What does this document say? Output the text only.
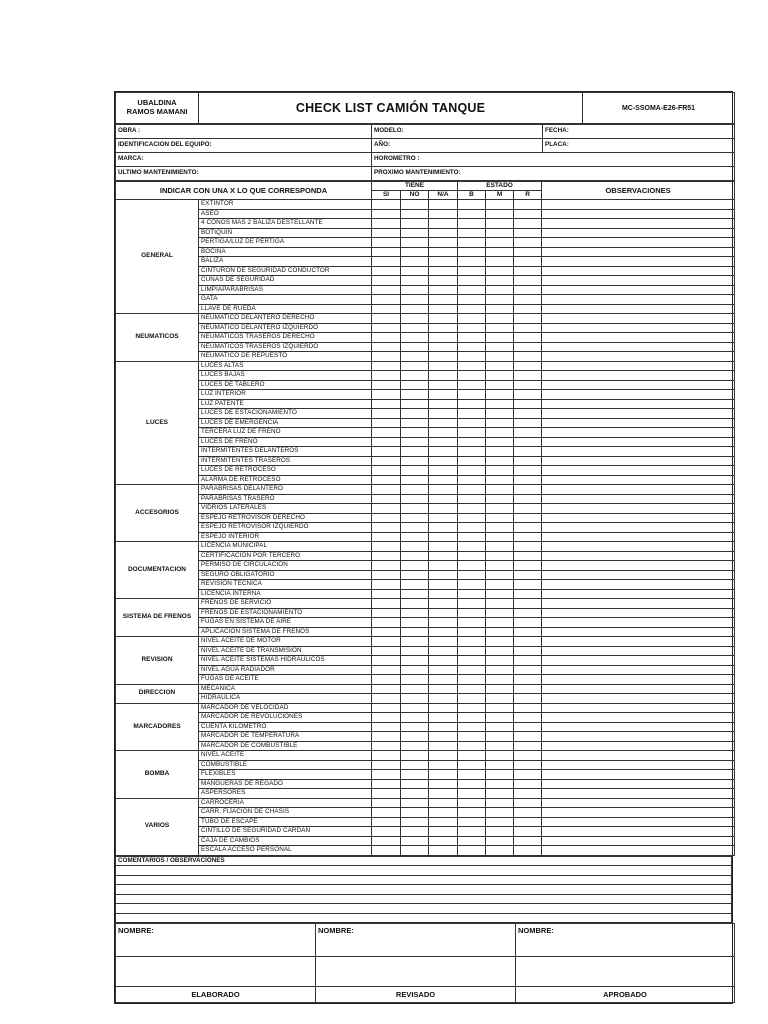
UBALDINA
RAMOS MAMANI	CHECK LIST CAMIÓN TANQUE	MC-SSOMA-E26-FR51
OBRA :	MODELO:	FECHA:
IDENTIFICACION DEL EQUIPO:	AÑO:	PLACA:
MARCA:	HOROMETRO :	
ULTIMO MANTENIMIENTO:	PROXIMO MANTENIMIENTO:	
INDICAR CON UNA X LO QUE CORRESPONDA		TIENE			ESTADO			OBSERVACIONES
		SI	NO	N/A	B	M	R	
GENERAL	EXTINTOR							
	ASEO							
	4 CONOS MAS 2 BALIZA DESTELLANTE							
	BOTIQUIN							
	PERTIGA/LUZ DE PERTIGA							
	BOCINA							
	BALIZA							
	CINTURON DE SEGURIDAD CONDUCTOR							
	CUÑAS DE SEGURIDAD							
	LIMPIAPARABRISAS							
	GATA							
	LLAVE DE RUEDA							
NEUMATICOS	NEUMATICO DELANTERO DERECHO							
	NEUMATICO DELANTERO IZQUIERDO							
	NEUMATICOS TRASEROS DERECHO							
	NEUMATICOS TRASEROS IZQUIERDO							
	NEUMATICO DE REPUESTO							
LUCES	LUCES ALTAS							
	LUCES BAJAS							
	LUCES DE TABLERO							
	LUZ INTERIOR							
	LUZ PATENTE							
	LUCES DE ESTACIONAMIENTO							
	LUCES DE EMERGENCIA							
	TERCERA LUZ DE FRENO							
	LUCES DE FRENO							
	INTERMITENTES DELANTEROS							
	INTERMITENTES TRASEROS							
	LUCES DE RETROCESO							
	ALARMA DE RETROCESO							
ACCESORIOS	PARABRISAS DELANTERO							
	PARABRISAS TRASERO							
	VIDRIOS LATERALES							
	ESPEJO RETROVISOR DERECHO							
	ESPEJO RETROVISOR IZQUIERDO							
	ESPEJO INTERIOR							
DOCUMENTACION	LICENCIA MUNICIPAL							
	CERTIFICACION POR TERCERO							
	PERMISO DE CIRCULACION							
	SEGURO OBLIGATORIO							
	REVISION TECNICA							
	LICENCIA INTERNA							
SISTEMA DE FRENOS	FRENOS DE SERVICIO							
	FRENOS DE ESTACIONAMIENTO							
	FUGAS EN SISTEMA DE AIRE							
	APLICACIÓN SISTEMA DE FRENOS							
REVISION	NIVEL ACEITE DE MOTOR							
	NIVEL ACEITE DE TRANSMISION							
	NIVEL ACEITE SISTEMAS HIDRAULICOS							
	NIVEL AGUA RADIADOR							
	FUGAS DE ACEITE							
DIRECCION	MECANICA							
	HIDRAULICA							
MARCADORES	MARCADOR DE VELOCIDAD							
	MARCADOR DE REVOLUCIONES							
	CUENTA KILOMETRO							
	MARCADOR DE TEMPERATURA							
	MARCADOR DE COMBUSTIBLE							
BOMBA	NIVEL ACEITE							
	COMBUSTIBLE							
	FLEXIBLES							
	MANGUERAS DE REGADO							
	ASPERSORES							
VARIOS	CARROCERIA							
	CARR. FIJACION DE CHASIS							
	TUBO DE ESCAPE							
	CINTILLO DE SEGURIDAD CARDAN							
	CAJA DE CAMBIOS							
	ESCALA ACCESO PERSONAL							
COMENTARIOS / OBSERVACIONES

NOMBRE:	NOMBRE:	NOMBRE:

ELABORADO	REVISADO	APROBADO
